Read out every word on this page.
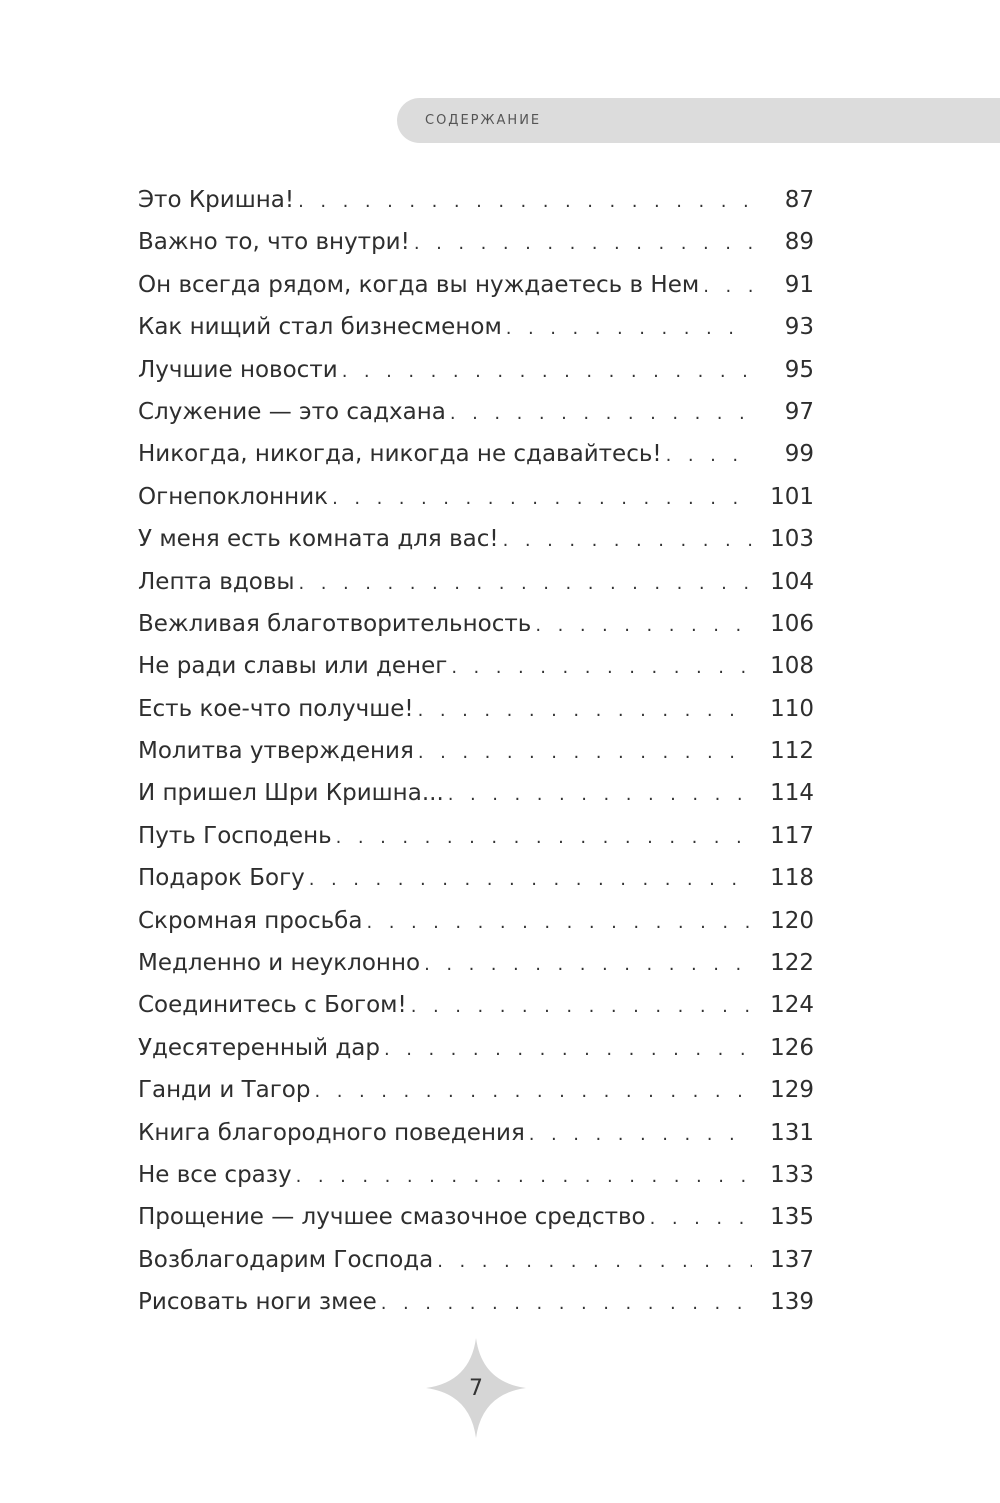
СОДЕРЖАНИЕ
Это Кришна! . . .	87
Важно то, что внутри! . . .	89
Он всегда рядом, когда вы нуждаетесь в Нем . . .	91
Как нищий стал бизнесменом . . .	93
Лучшие новости . . .	95
Служение — это садхана . . .	97
Никогда, никогда, никогда не сдавайтесь! . . .	99
Огнепоклонник . . .	101
У меня есть комната для вас! . . .	103
Лепта вдовы . . .	104
Вежливая благотворительность . . .	106
Не ради славы или денег . . .	108
Есть кое-что получше! . . .	110
Молитва утверждения . . .	112
И пришел Шри Кришна... . . .	114
Путь Господень . . .	117
Подарок Богу . . .	118
Скромная просьба . . .	120
Медленно и неуклонно . . .	122
Соединитесь с Богом! . . .	124
Удесятеренный дар . . .	126
Ганди и Тагор . . .	129
Книга благородного поведения . . .	131
Не все сразу . . .	133
Прощение — лучшее смазочное средство . . .	135
Возблагодарим Господа . . .	137
Рисовать ноги змее . . .	139
7
